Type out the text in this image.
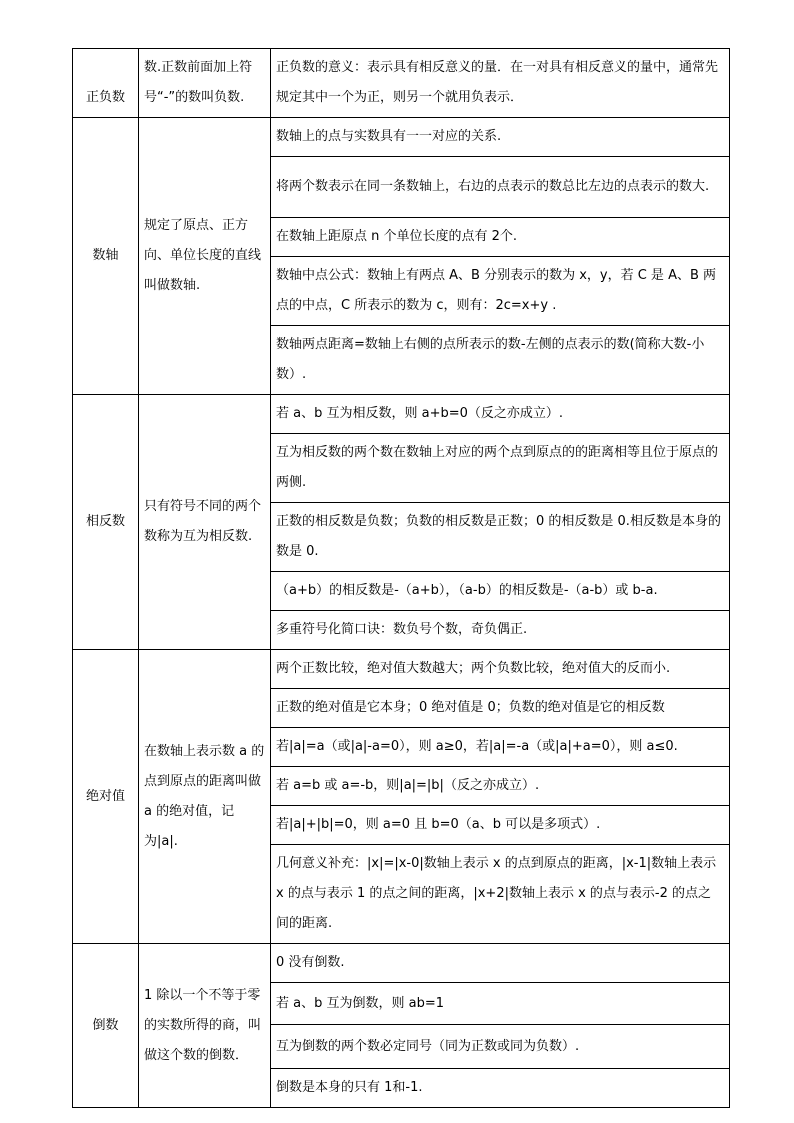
正负数	数.正数前面加上符号“-”的数叫负数.	正负数的意义：表示具有相反意义的量．在一对具有相反意义的量中，通常先规定其中一个为正，则另一个就用负表示．
数轴	规定了原点、正方向、单位长度的直线叫做数轴.	数轴上的点与实数具有一一对应的关系.
		将两个数表示在同一条数轴上，右边的点表示的数总比左边的点表示的数大.
		在数轴上距原点 n 个单位长度的点有 2个.
		数轴中点公式：数轴上有两点 A、B 分别表示的数为 x，y，若 C 是 A、B 两点的中点，C 所表示的数为 c，则有：2c=x+y .
		数轴两点距离=数轴上右侧的点所表示的数-左侧的点表示的数(简称大数-小数）.
相反数	只有符号不同的两个数称为互为相反数.	若 a、b 互为相反数，则 a+b=0（反之亦成立）.
		互为相反数的两个数在数轴上对应的两个点到原点的的距离相等且位于原点的两侧.
		正数的相反数是负数；负数的相反数是正数；0 的相反数是 0.相反数是本身的数是 0.
		（a+b）的相反数是-（a+b），（a-b）的相反数是-（a-b）或 b-a.
		多重符号化简口诀：数负号个数，奇负偶正.
绝对值	在数轴上表示数 a 的点到原点的距离叫做 a 的绝对值，记为|a|.	两个正数比较，绝对值大数越大；两个负数比较，绝对值大的反而小.
		正数的绝对值是它本身；0 绝对值是 0；负数的绝对值是它的相反数
		若|a|=a（或|a|-a=0），则 a≥0，若|a|=-a（或|a|+a=0），则 a≤0.
		若 a=b 或 a=-b，则|a|=|b|（反之亦成立）.
		若|a|+|b|=0，则 a=0 且 b=0（a、b 可以是多项式）.
		几何意义补充：|x|=|x-0|数轴上表示 x 的点到原点的距离，|x-1|数轴上表示 x 的点与表示 1 的点之间的距离，|x+2|数轴上表示 x 的点与表示-2 的点之间的距离.
倒数	1 除以一个不等于零的实数所得的商，叫做这个数的倒数．	0 没有倒数.
		若 a、b 互为倒数，则 ab=1
		互为倒数的两个数必定同号（同为正数或同为负数）.
		倒数是本身的只有 1和-1.
